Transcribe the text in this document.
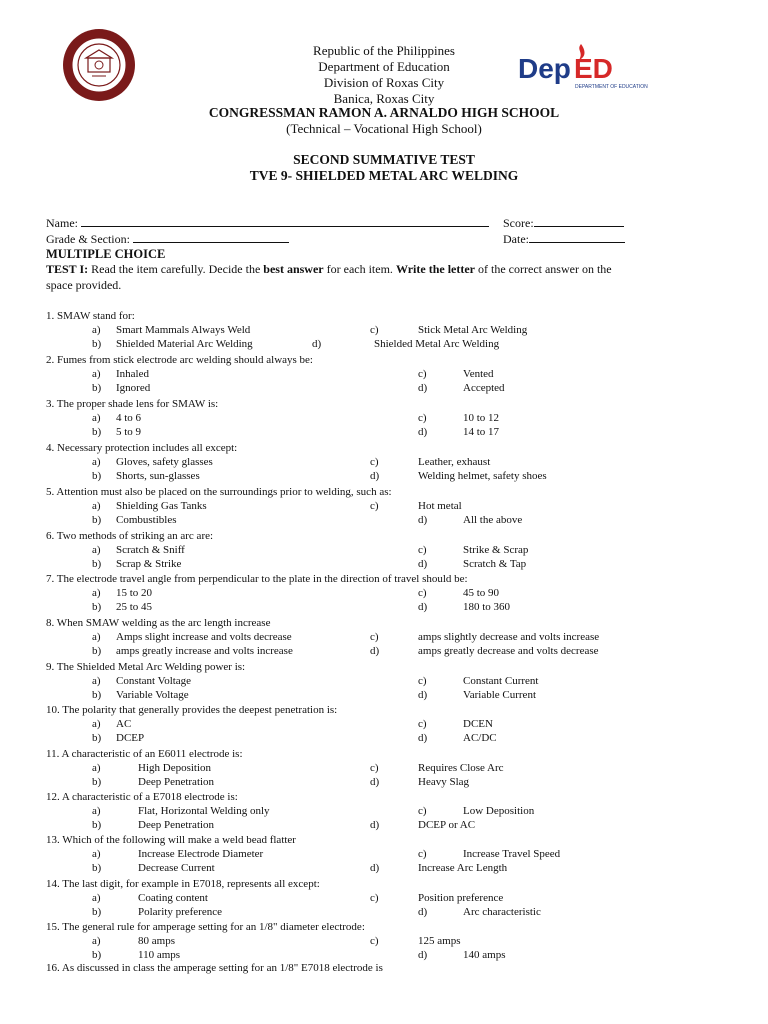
Dep ED
DEPARTMENT OF EDUCATION
Republic of the Philippines
Department of Education
Division of Roxas City
Banica, Roxas City
CONGRESSMAN RAMON A. ARNALDO HIGH SCHOOL
(Technical – Vocational High School)
SECOND SUMMATIVE TEST
TVE 9- SHIELDED METAL ARC WELDING
Name:	Score:
Grade & Section:	Date:
MULTIPLE CHOICE
TEST I: Read the item carefully. Decide the best answer for each item. Write the letter of the correct answer on the
space provided.
1. SMAW stand for:
a) Smart Mammals Always Weld	c)	Stick Metal Arc Welding
b) Shielded Material Arc Welding	d)	Shielded Metal Arc Welding
2. Fumes from stick electrode arc welding should always be:
a) Inhaled	c)	Vented
b) Ignored	d)	Accepted
3. The proper shade lens for SMAW is:
a) 4 to 6	c)	10 to 12
b) 5 to 9	d)	14 to 17
4. Necessary protection includes all except:
a) Gloves, safety glasses	c)	Leather, exhaust
b) Shorts, sun-glasses	d)	Welding helmet, safety shoes
5. Attention must also be placed on the surroundings prior to welding, such as:
a) Shielding Gas Tanks	c)	Hot metal
b) Combustibles	d)	All the above
6. Two methods of striking an arc are:
a) Scratch & Sniff	c)	Strike & Scrap
b) Scrap & Strike	d)	Scratch & Tap
7. The electrode travel angle from perpendicular to the plate in the direction of travel should be:
a) 15 to 20	c)	45 to 90
b) 25 to 45	d)	180 to 360
8. When SMAW welding as the arc length increase
a) Amps slight increase and volts decrease	c)	amps slightly decrease and volts increase
b) amps greatly increase and volts increase	d)	amps greatly decrease and volts decrease
9. The Shielded Metal Arc Welding power is:
a) Constant Voltage	c)	Constant Current
b) Variable Voltage	d)	Variable Current
10. The polarity that generally provides the deepest penetration is:
a) AC	c)	DCEN
b) DCEP	d)	AC/DC
11. A characteristic of an E6011 electrode is:
a)	High Deposition	c)	Requires Close Arc
b)	Deep Penetration	d)	Heavy Slag
12. A characteristic of a E7018 electrode is:
a)	Flat, Horizontal Welding only	c)	Low Deposition
b)	Deep Penetration	d)	DCEP or AC
13. Which of the following will make a weld bead flatter
a)	Increase Electrode Diameter	c)	Increase Travel Speed
b)	Decrease Current	d)	Increase Arc Length
14. The last digit, for example in E7018, represents all except:
a)	Coating content	c)	Position preference
b)	Polarity preference	d)	Arc characteristic
15. The general rule for amperage setting for an 1/8" diameter electrode:
a)	80 amps	c)	125 amps
b)	110 amps	d)	140 amps
16. As discussed in class the amperage setting for an 1/8" E7018 electrode is
